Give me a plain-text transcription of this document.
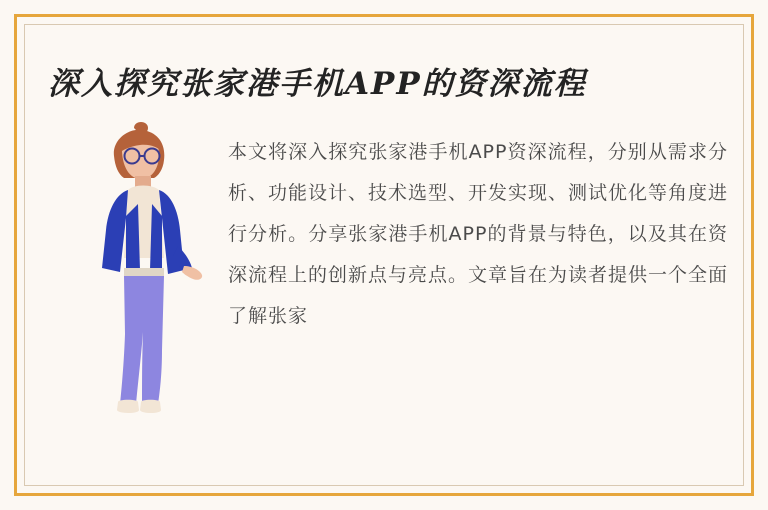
深入探究张家港手机APP的资深流程
本文将深入探究张家港手机APP资深流程，分别从需求分析、功能设计、技术选型、开发实现、测试优化等角度进行分析。分享张家港手机APP的背景与特色，以及其在资深流程上的创新点与亮点。文章旨在为读者提供一个全面了解张家
